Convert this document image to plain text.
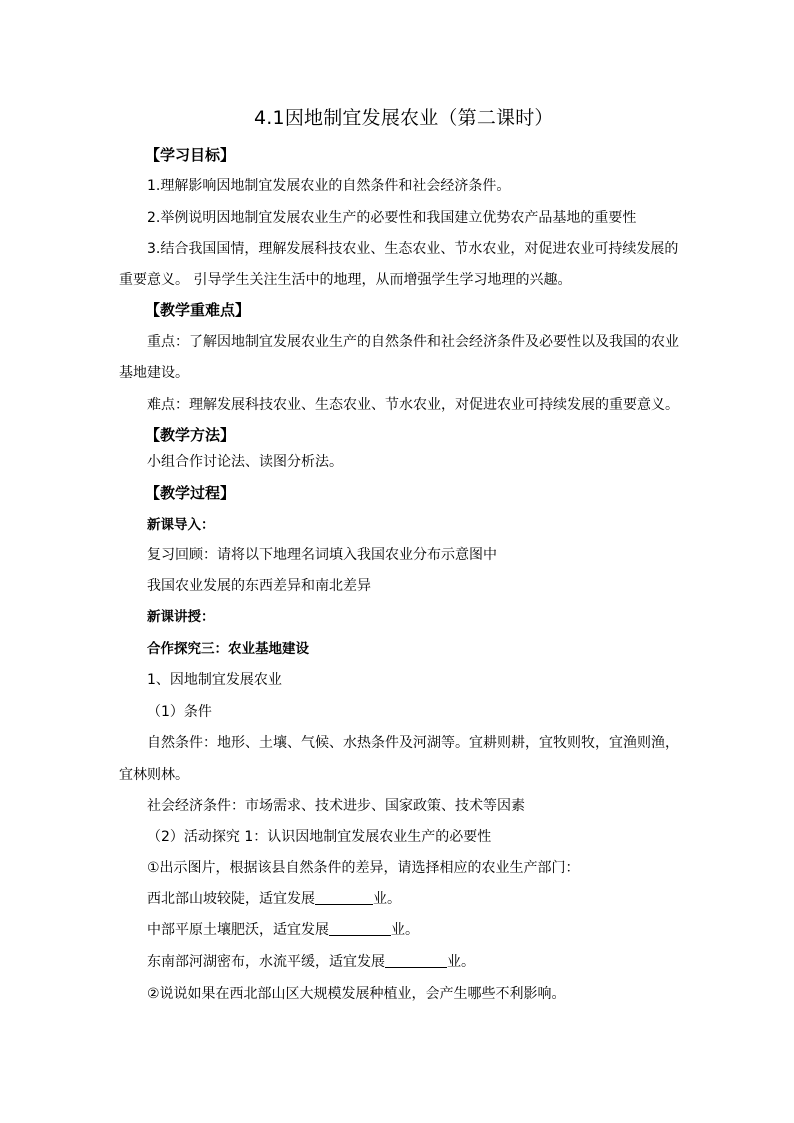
4.1因地制宜发展农业（第二课时）
【学习目标】
1.理解影响因地制宜发展农业的自然条件和社会经济条件。
2.举例说明因地制宜发展农业生产的必要性和我国建立优势农产品基地的重要性
3.结合我国国情，理解发展科技农业、生态农业、节水农业，对促进农业可持续发展的
重要意义。 引导学生关注生活中的地理，从而增强学生学习地理的兴趣。
【教学重难点】
重点：了解因地制宜发展农业生产的自然条件和社会经济条件及必要性以及我国的农业
基地建设。
难点：理解发展科技农业、生态农业、节水农业，对促进农业可持续发展的重要意义。
【教学方法】
小组合作讨论法、读图分析法。
【教学过程】
新课导入：
复习回顾：请将以下地理名词填入我国农业分布示意图中
我国农业发展的东西差异和南北差异
新课讲授：
合作探究三：农业基地建设
1、因地制宜发展农业
（1）条件
自然条件：地形、土壤、气候、水热条件及河湖等。宜耕则耕，宜牧则牧，宜渔则渔，
宜林则林。
社会经济条件：市场需求、技术进步、国家政策、技术等因素
（2）活动探究 1：认识因地制宜发展农业生产的必要性
①出示图片，根据该县自然条件的差异，请选择相应的农业生产部门：
西北部山坡较陡，适宜发展	业。
中部平原土壤肥沃，适宜发展	业。
东南部河湖密布，水流平缓，适宜发展	业。
②说说如果在西北部山区大规模发展种植业，会产生哪些不利影响。
